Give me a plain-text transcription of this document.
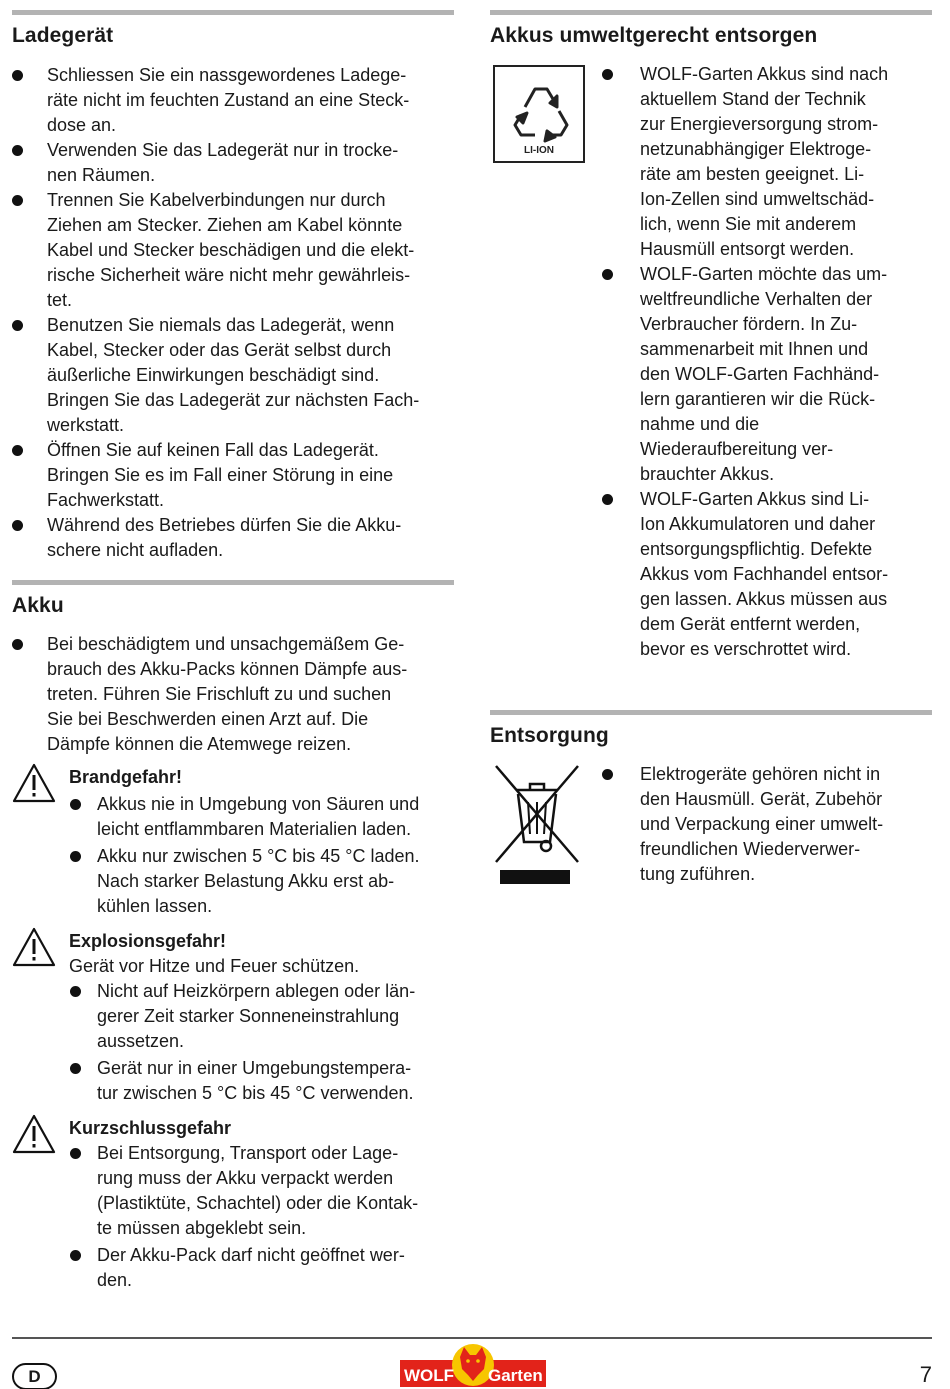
Ladegerät
Schliessen Sie ein nassgewordenes Ladege-
räte nicht im feuchten Zustand an eine Steck-
dose an.
Verwenden Sie das Ladegerät nur in trocke-
nen Räumen.
Trennen Sie Kabelverbindungen nur durch
Ziehen am Stecker. Ziehen am Kabel könnte
Kabel und Stecker beschädigen und die elekt-
rische Sicherheit wäre nicht mehr gewährleis-
tet.
Benutzen Sie niemals das Ladegerät, wenn
Kabel, Stecker oder das Gerät selbst durch
äußerliche Einwirkungen beschädigt sind.
Bringen Sie das Ladegerät zur nächsten Fach-
werkstatt.
Öffnen Sie auf keinen Fall das Ladegerät.
Bringen Sie es im Fall einer Störung in eine
Fachwerkstatt.
Während des Betriebes dürfen Sie die Akku-
schere nicht aufladen.
Akku
Bei beschädigtem und unsachgemäßem Ge-
brauch des Akku-Packs können Dämpfe aus-
treten. Führen Sie Frischluft zu und suchen
Sie bei Beschwerden einen Arzt auf. Die
Dämpfe können die Atemwege reizen.
Brandgefahr!
Akkus nie in Umgebung von Säuren und
leicht entflammbaren Materialien laden.
Akku nur zwischen 5 °C bis 45 °C laden.
Nach starker Belastung Akku erst ab-
kühlen lassen.
Explosionsgefahr!
Gerät vor Hitze und Feuer schützen.
Nicht auf Heizkörpern ablegen oder län-
gerer Zeit starker Sonneneinstrahlung
aussetzen.
Gerät nur in einer Umgebungstempera-
tur zwischen 5 °C bis 45 °C verwenden.
Kurzschlussgefahr
Bei Entsorgung, Transport oder Lage-
rung muss der Akku verpackt werden
(Plastiktüte, Schachtel) oder die Kontak-
te müssen abgeklebt sein.
Der Akku-Pack darf nicht geöffnet wer-
den.
Akkus umweltgerecht entsorgen
LI-ION
WOLF-Garten Akkus sind nach
aktuellem Stand der Technik
zur Energieversorgung strom-
netzunabhängiger Elektroge-
räte am besten geeignet. Li-
Ion-Zellen sind umweltschäd-
lich, wenn Sie mit anderem
Hausmüll entsorgt werden.
WOLF-Garten möchte das um-
weltfreundliche Verhalten der
Verbraucher fördern. In Zu-
sammenarbeit mit Ihnen und
den WOLF-Garten Fachhänd-
lern garantieren wir die Rück-
nahme und die
Wiederaufbereitung ver-
brauchter Akkus.
WOLF-Garten Akkus sind Li-
Ion Akkumulatoren und daher
entsorgungspflichtig. Defekte
Akkus vom Fachhandel entsor-
gen lassen. Akkus müssen aus
dem Gerät entfernt werden,
bevor es verschrottet wird.
Entsorgung
Elektrogeräte gehören nicht in
den Hausmüll. Gerät, Zubehör
und Verpackung einer umwelt-
freundlichen Wiederverwer-
tung zuführen.
D	WOLF Garten	7
